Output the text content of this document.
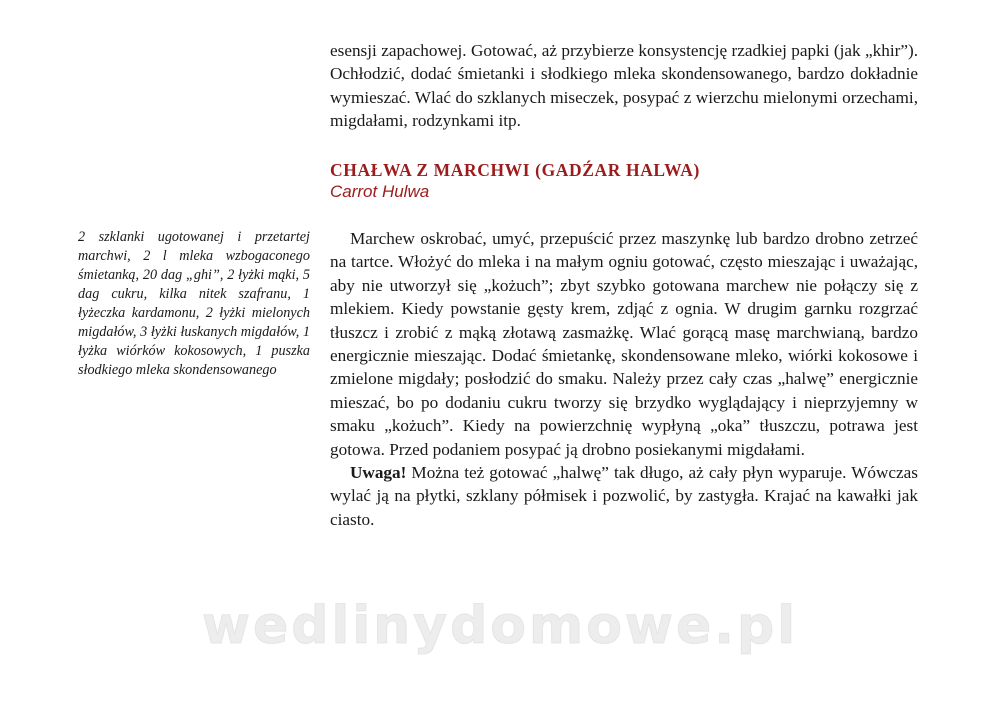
esensji zapachowej. Gotować, aż przybierze konsystencję rzadkiej papki (jak „khir”). Ochłodzić, dodać śmietanki i słodkiego mleka skondensowanego, bardzo dokładnie wymieszać. Wlać do szklanych miseczek, posypać z wierzchu mielonymi orzechami, migdałami, rodzynkami itp.

CHAŁWA Z MARCHWI (GADŹAR HALWA)
Carrot Hulwa
2 szklanki ugotowanej i przetartej marchwi, 2 l mleka wzbogaconego śmietanką, 20 dag „ghi”, 2 łyżki mąki, 5 dag cukru, kilka nitek szafranu, 1 łyżeczka kardamonu, 2 łyżki mielonych migdałów, 3 łyżki łuskanych migdałów, 1 łyżka wiórków kokosowych, 1 puszka słodkiego mleka skondensowanego

Marchew oskrobać, umyć, przepuścić przez maszynkę lub bardzo drobno zetrzeć na tartce. Włożyć do mleka i na małym ogniu gotować, często mieszając i uważając, aby nie utworzył się „kożuch”; zbyt szybko gotowana marchew nie połączy się z mlekiem. Kiedy powstanie gęsty krem, zdjąć z ognia. W drugim garnku rozgrzać tłuszcz i zrobić z mąką złotawą zasmażkę. Wlać gorącą masę marchwianą, bardzo energicznie mieszając. Dodać śmietankę, skondensowane mleko, wiórki kokosowe i zmielone migdały; posłodzić do smaku. Należy przez cały czas „halwę” energicznie mieszać, bo po dodaniu cukru tworzy się brzydko wyglądający i nieprzyjemny w smaku „kożuch”. Kiedy na powierzchnię wypłyną „oka” tłuszczu, potrawa jest gotowa. Przed podaniem posypać ją drobno posiekanymi migdałami.

Uwaga! Można też gotować „halwę” tak długo, aż cały płyn wyparuje. Wówczas wylać ją na płytki, szklany półmisek i pozwolić, by zastygła. Krajać na kawałki jak ciasto.

wedlinydomowe.pl
